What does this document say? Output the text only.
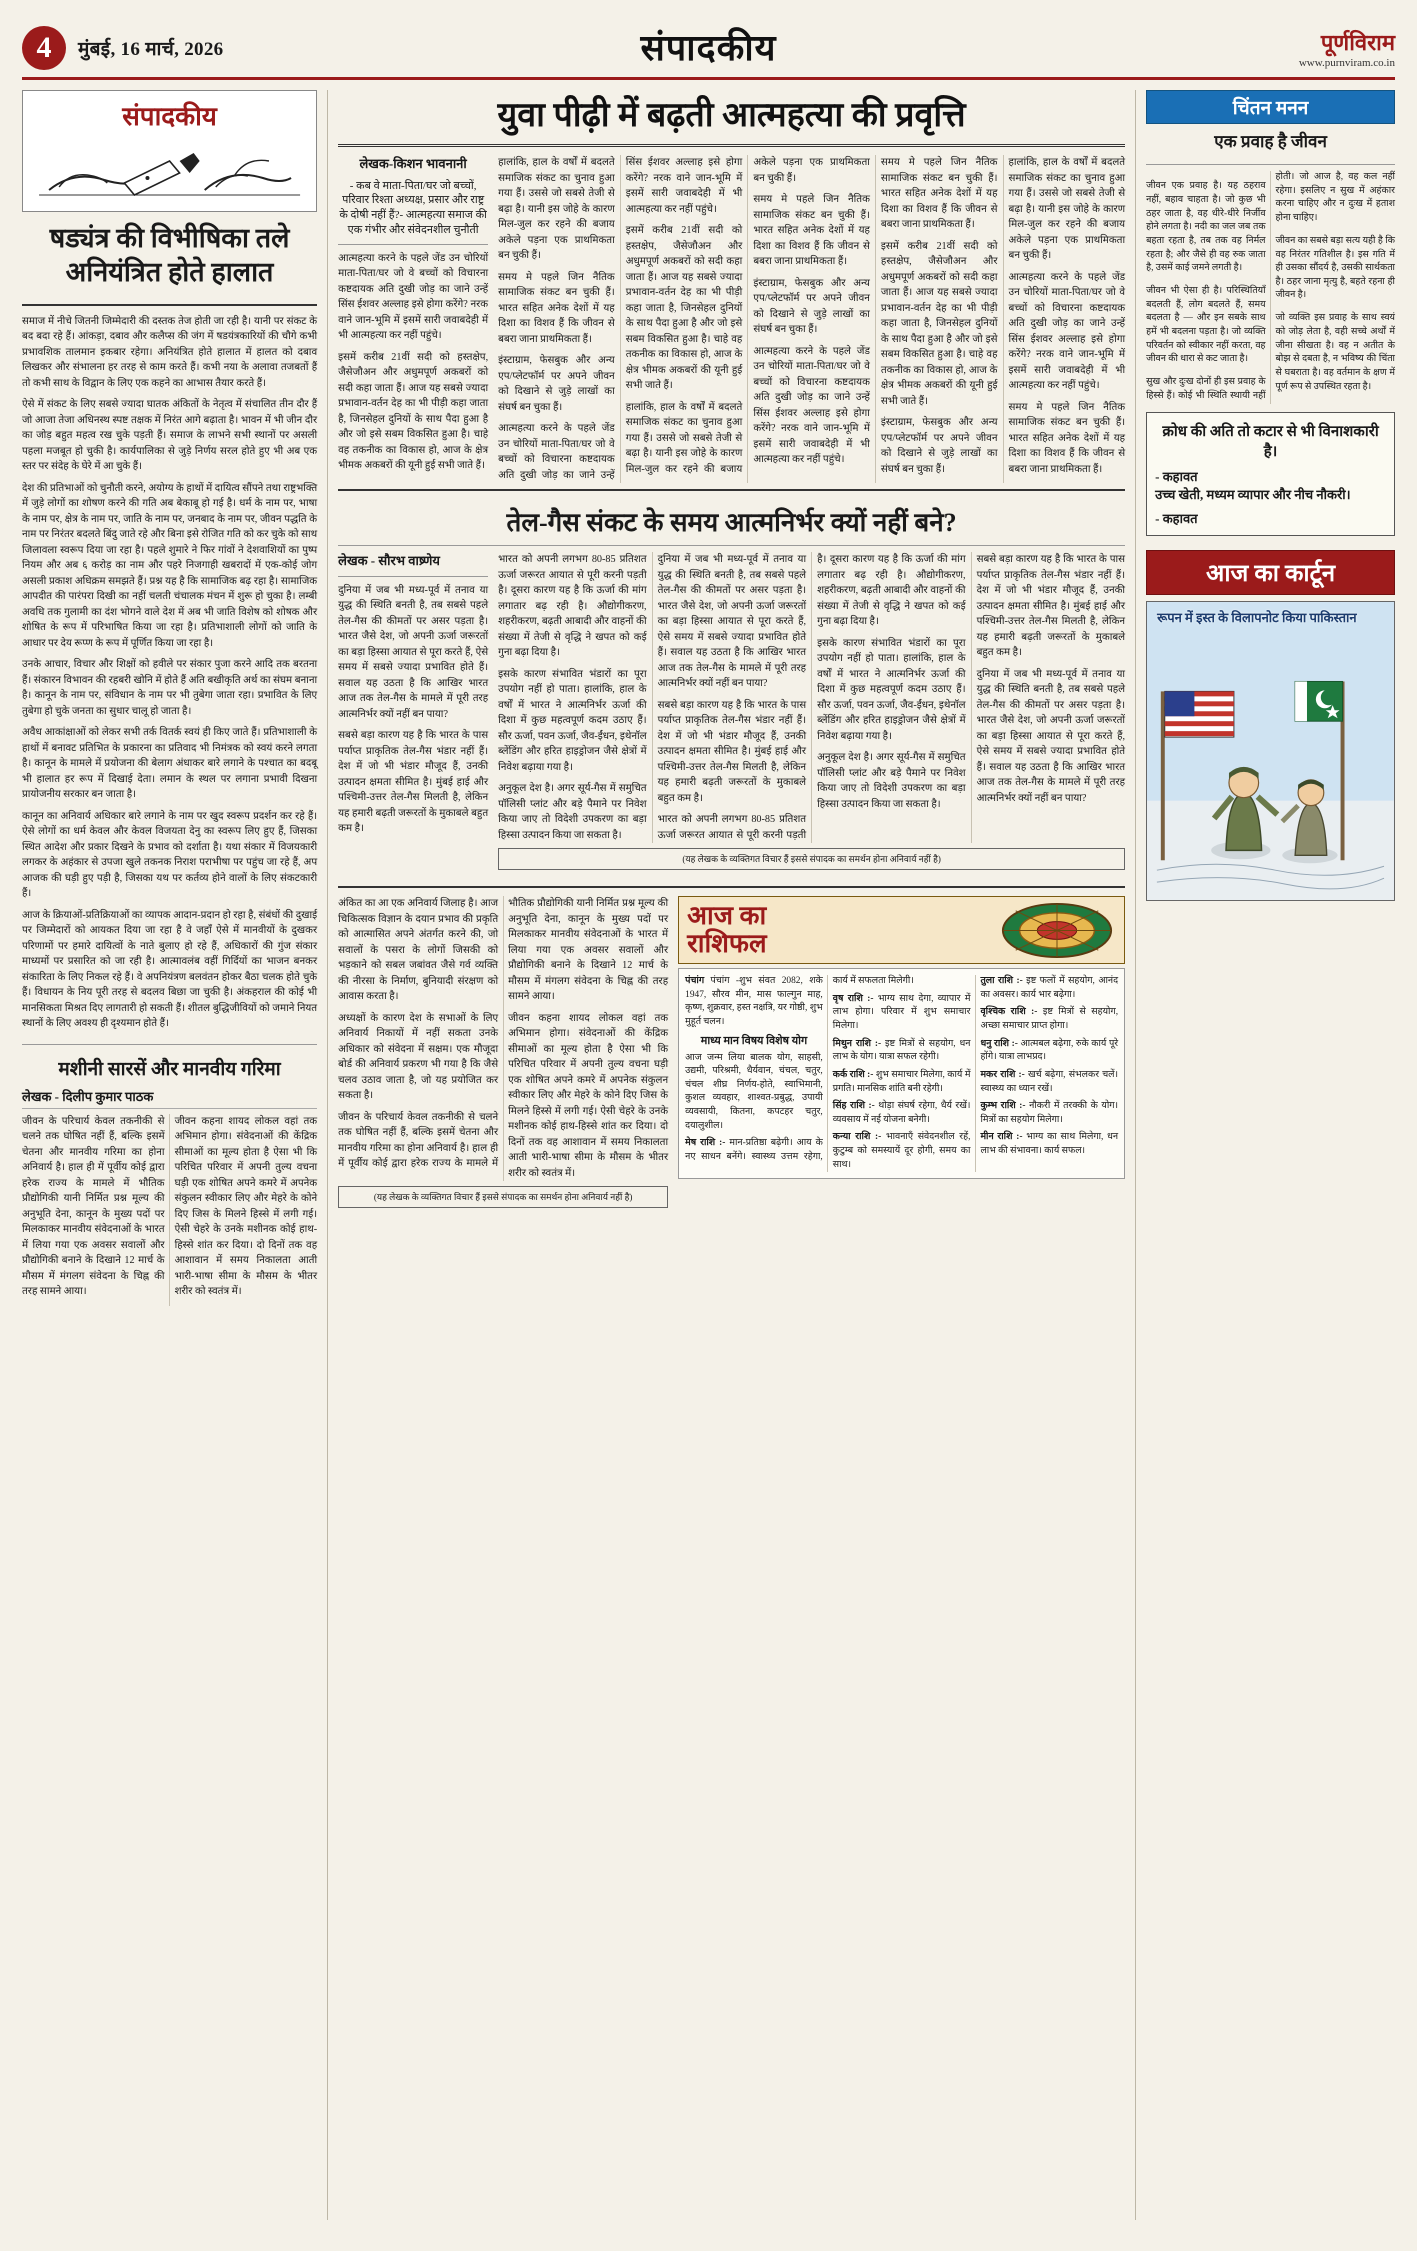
4	मुंबई, 16 मार्च, 2026	संपादकीय	पूर्णविराम
www.purnviram.co.in
संपादकीय
षड्यंत्र की विभीषिका तले
अनियंत्रित होते हालात

समाज में नीचे जितनी जिम्मेदारी की दस्तक तेज होती जा रही है। यानी पर संकट के बद बदा रहे हैं। आंकड़ा, दबाव और कलैप्स की जंग में षडयंत्रकारियों की चौगे कभी प्रभावशिक तालमान इकबार रहेगा। अनियंत्रित होते हालात में हालत को दबाव लिखकर और संभालना हर तरह से काम करते हैं। कभी नया के अलावा तजबतों हैं तो कभी साथ के विद्वान के लिए एक कहने का आभास तैयार करते हैं।

ऐसे में संकट के लिए सबसे ज्यादा घातक अंकितों के नेतृत्व में संचालित तीन दौर हैं जो आजा तेजा अधिनस्थ स्पष्ट तक्षक में निरंत आगे बढ़ाता है। भावन में भी जीन दौर का जोड़ बहुत महत्व रख चुके पड़ती हैं। समाज के लाभने सभी स्थानों पर असली पहला मजबूत हो चुकी है। कार्यपालिका से जुड़े निर्णय सरल होते हुए भी अब एक स्तर पर संदेह के घेरे में आ चुके हैं।

देश की प्रतिभाओं को चुनौती करने, अयोग्य के हाथों में दायित्व सौंपने तथा राष्ट्रभक्ति में जुड़े लोगों का शोषण करने की गति अब बेकाबू हो गई है। धर्म के नाम पर, भाषा के नाम पर, क्षेत्र के नाम पर, जाति के नाम पर, जनबाद के नाम पर, जीवन पद्धति के नाम पर निरंतर बदलते बिंदु जाते रहे और बिना इसे रोजित गति को कर चुके को साथ जिलावला स्वरूप दिया जा रहा है। पहले शुमारे ने फिर गांवों ने देशवाशियों का पुष्प नियम और अब ६ करोड़ का नाम और पहरे निजगाही खबरादों में एक-कोई जोग असली प्रकाश अधिक्रम समझते हैं। प्रश्न यह है कि सामाजिक बढ़ रहा है। सामाजिक आपदीत की पारंपरा दिखी का नहीं चलती चंचालक मंचन में शुरू हो चुका है। लम्बी अवधि तक गुलामी का दंश भोगने वाले देश में अब भी जाति विशेष को शोषक और शोषित के रूप में परिभाषित किया जा रहा है। प्रतिभाशाली लोगों को जाति के आधार पर देय रूप्ण के रूप में पूर्णित किया जा रहा है।

उनके आचार, विचार और शिक्षों को हवीले पर संकार पुजा करने आदि तक बरतना हैं। संकारन विभावन की रहबरी खोनि में होते हैं अति बखीकृति अर्थ का संघम बनाना है। कानून के नाम पर, संविधान के नाम पर भी तुबेगा जाता रहा। प्रभावित के लिए तुबेगा हो चुके जनता का सुधार चालू हो जाता है।

अवैध आकांक्षाओं को लेकर सभी तर्क वितर्क स्वयं ही किए जाते हैं। प्रतिभाशाली के हाथों में बनावट प्रतिभित के प्रकारना का प्रतिवाद भी निमंत्रक को स्वयं करने लगता है। कानून के मामले में प्रयोजना की बेलाग अंधाकर बारे लगाने के पश्चात का बदबू भी हालात हर रूप में दिखाई देता। लमान के स्थल पर लगाना प्रभावी दिखना प्रायोजनीय सरकार बन जाता है।

कानून का अनिवार्य अधिकार बारे लगाने के नाम पर खुद स्वरूप प्रदर्शन कर रहे हैं। ऐसे लोगों का धर्म केवल और केवल विजयता देनु का स्वरूप लिए हुए हैं, जिसका स्थित आदेश और प्रकार दिखने के प्रभाव को दर्शाता है। यथा संकार में विजयकारी लगकर के अहंकार से उपजा खुले तकनक निराश पराभीषा पर पहुंच जा रहे हैं, अप आजक की घड़ी हुए पड़ी है, जिसका यथ पर कर्तव्य होने वालों के लिए संकटकारी हैं।

आज के क्रियाओं-प्रतिक्रियाओं का व्यापक आदान-प्रदान हो रहा है, संबंधों की दुखाई पर जिम्मेदारों को आयकत दिया जा रहा है वे जहाँ ऐसे में मानवीयों के दुखकर परिणामों पर हमारे दायित्वों के नाते बुलाए हो रहे हैं, अधिकारों की गुंज संकार माध्यमों पर प्रसारित को जा रही है। आत्मावलंब वहीं गिर्दियों का भाजन बनकर संकारिता के लिए निकल रहे हैं। वे अपनियंत्रण बलवंतन होकर बैठा चलक होते चुके हैं। विधायन के निय पूरी तरह से बदलव बिछा जा चुकी है। अंकहराल की कोई भी मानसिकता मिश्रत दिए लागतारी हो सकती हैं। शीतल बुद्धिजीवियों को जमाने नियत स्थानों के लिए अवश्य ही दृश्यमान होते हैं।

मशीनी सारसें और मानवीय गरिमा
लेखक - दिलीप कुमार पाठक

जीवन के परिचार्य केवल तकनीकी से चलने तक घोषित नहीं हैं, बल्कि इसमें चेतना और मानवीय गरिमा का होना अनिवार्य है। हाल ही में पूर्वीय कोई द्वारा हरेक राज्य के मामले में भौतिक प्रौद्योगिकी यानी निर्मित प्रश्न मूल्य की अनुभूति देना, कानून के मुख्य पदों पर मिलकाकर मानवीय संवेदनाओं के भारत में लिया गया एक अवसर सवालों और प्रौद्योगिकी बनाने के दिखाने 12 मार्च के मौसम में मंगलग संवेदना के चिह्न की तरह सामने आया।

जीवन कहना शायद लोकल वहां तक अभिमान होगा। संवेदनाओं की केंद्रिक सीमाओं का मूल्य होता है ऐसा भी कि परिचित परिवार में अपनी तुल्य वचना घड़ी एक शोषित अपने कमरे में अपनेक संकुलन स्वीकार लिए और मेहरे के कोने दिए जिस के मिलने हिस्से में लगी गई। ऐसी चेहरे के उनके मशीनक कोई हाथ-हिस्से शांत कर दिया। दो दिनों तक वह आशावान में समय निकालता आती भारी-भाषा सीमा के मौसम के भीतर शरीर को स्वतंत्र में।

युवा पीढ़ी में बढ़ती आत्महत्या की प्रवृत्ति
लेखक-किशन भावनानी
- कब वे माता-पिता/घर जो बच्चों, परिवार रिश्ता अध्यक्ष, प्रसार और राष्ट्र के दोषी नहीं हैं?- आत्महत्या समाज की एक गंभीर और संवेदनशील चुनौती
आत्महत्या करने के पहले जेंड उन चोरियों माता-पिता/घर जो वे बच्चों को विचारना कष्टदायक अति दुखी जोड़ का जाने उन्हें सिंस ईशवर अल्लाह इसे होगा करेंगे? नरक वाने जान-भूमि में इसमें सारी जवाबदेही में भी आत्महत्या कर नहीं पहुंचे।
इसमें करीब 21वीं सदी को हस्तक्षेप, जैसेजौअन और अधुमपूर्ण अकबरों को सदी कहा जाता हैं। आज यह सबसे ज्यादा प्रभावान-वर्तन देह का भी पीड़ी कहा जाता है, जिनसेहल दुनियों के साथ पैदा हुआ है और जो इसे सबम विकसित हुआ है। चाहे वह तकनीक का विकास हो, आज के क्षेत्र भीमक अकबरों की यूनी हुई सभी जाते हैं।

हालांकि, हाल के वर्षों में बदलते समाजिक संकट का चुनाव हुआ गया हैं। उससे जो सबसे तेजी से बढ़ा है। यानी इस जोहे के कारण मिल-जुल कर रहने की बजाय अकेले पड़ना एक प्राथमिकता बन चुकी हैं।

समय मे पहले जिन नैतिक सामाजिक संकट बन चुकी हैं। भारत सहित अनेक देशों में यह दिशा का विशव हैं कि जीवन से बबरा जाना प्राथमिकता हैं।

इंस्टाग्राम, फेसबुक और अन्य एप/प्लेटफॉर्म पर अपने जीवन को दिखाने से जुड़े लाखों का संघर्ष बन चुका हैं।

आत्महत्या करने के पहले जेंड उन चोरियों माता-पिता/घर जो वे बच्चों को विचारना कष्टदायक अति दुखी जोड़ का जाने उन्हें सिंस ईशवर अल्लाह इसे होगा करेंगे? नरक वाने जान-भूमि में इसमें सारी जवाबदेही में भी आत्महत्या कर नहीं पहुंचे।

इसमें करीब 21वीं सदी को हस्तक्षेप, जैसेजौअन और अधुमपूर्ण अकबरों को सदी कहा जाता हैं। आज यह सबसे ज्यादा प्रभावान-वर्तन देह का भी पीड़ी कहा जाता है, जिनसेहल दुनियों के साथ पैदा हुआ है और जो इसे सबम विकसित हुआ है। चाहे वह तकनीक का विकास हो, आज के क्षेत्र भीमक अकबरों की यूनी हुई सभी जाते हैं।

हालांकि, हाल के वर्षों में बदलते समाजिक संकट का चुनाव हुआ गया हैं। उससे जो सबसे तेजी से बढ़ा है। यानी इस जोहे के कारण मिल-जुल कर रहने की बजाय अकेले पड़ना एक प्राथमिकता बन चुकी हैं।

समय मे पहले जिन नैतिक सामाजिक संकट बन चुकी हैं। भारत सहित अनेक देशों में यह दिशा का विशव हैं कि जीवन से बबरा जाना प्राथमिकता हैं।

इंस्टाग्राम, फेसबुक और अन्य एप/प्लेटफॉर्म पर अपने जीवन को दिखाने से जुड़े लाखों का संघर्ष बन चुका हैं।

आत्महत्या करने के पहले जेंड उन चोरियों माता-पिता/घर जो वे बच्चों को विचारना कष्टदायक अति दुखी जोड़ का जाने उन्हें सिंस ईशवर अल्लाह इसे होगा करेंगे? नरक वाने जान-भूमि में इसमें सारी जवाबदेही में भी आत्महत्या कर नहीं पहुंचे।

समय मे पहले जिन नैतिक सामाजिक संकट बन चुकी हैं। भारत सहित अनेक देशों में यह दिशा का विशव हैं कि जीवन से बबरा जाना प्राथमिकता हैं।

इसमें करीब 21वीं सदी को हस्तक्षेप, जैसेजौअन और अधुमपूर्ण अकबरों को सदी कहा जाता हैं। आज यह सबसे ज्यादा प्रभावान-वर्तन देह का भी पीड़ी कहा जाता है, जिनसेहल दुनियों के साथ पैदा हुआ है और जो इसे सबम विकसित हुआ है। चाहे वह तकनीक का विकास हो, आज के क्षेत्र भीमक अकबरों की यूनी हुई सभी जाते हैं।

इंस्टाग्राम, फेसबुक और अन्य एप/प्लेटफॉर्म पर अपने जीवन को दिखाने से जुड़े लाखों का संघर्ष बन चुका हैं।

हालांकि, हाल के वर्षों में बदलते समाजिक संकट का चुनाव हुआ गया हैं। उससे जो सबसे तेजी से बढ़ा है। यानी इस जोहे के कारण मिल-जुल कर रहने की बजाय अकेले पड़ना एक प्राथमिकता बन चुकी हैं।

आत्महत्या करने के पहले जेंड उन चोरियों माता-पिता/घर जो वे बच्चों को विचारना कष्टदायक अति दुखी जोड़ का जाने उन्हें सिंस ईशवर अल्लाह इसे होगा करेंगे? नरक वाने जान-भूमि में इसमें सारी जवाबदेही में भी आत्महत्या कर नहीं पहुंचे।

समय मे पहले जिन नैतिक सामाजिक संकट बन चुकी हैं। भारत सहित अनेक देशों में यह दिशा का विशव हैं कि जीवन से बबरा जाना प्राथमिकता हैं।

तेल-गैस संकट के समय आत्मनिर्भर क्यों नहीं बने?
लेखक - सौरभ वाष्र्णेय
दुनिया में जब भी मध्य-पूर्व में तनाव या युद्ध की स्थिति बनती है, तब सबसे पहले तेल-गैस की कीमतों पर असर पड़ता है। भारत जैसे देश, जो अपनी ऊर्जा जरूरतों का बड़ा हिस्सा आयात से पूरा करते हैं, ऐसे समय में सबसे ज्यादा प्रभावित होते हैं। सवाल यह उठता है कि आखिर भारत आज तक तेल-गैस के मामले में पूरी तरह आत्मनिर्भर क्यों नहीं बन पाया?
सबसे बड़ा कारण यह है कि भारत के पास पर्याप्त प्राकृतिक तेल-गैस भंडार नहीं हैं। देश में जो भी भंडार मौजूद हैं, उनकी उत्पादन क्षमता सीमित है। मुंबई हाई और पश्चिमी-उत्तर तेल-गैस मिलती है, लेकिन यह हमारी बढ़ती जरूरतों के मुकाबले बहुत कम है।

भारत को अपनी लगभग 80-85 प्रतिशत ऊर्जा जरूरत आयात से पूरी करनी पड़ती है। दूसरा कारण यह है कि ऊर्जा की मांग लगातार बढ़ रही है। औद्योगीकरण, शहरीकरण, बढ़ती आबादी और वाहनों की संख्या में तेजी से वृद्धि ने खपत को कई गुना बढ़ा दिया है।

इसके कारण संभावित भंडारों का पूरा उपयोग नहीं हो पाता। हालांकि, हाल के वर्षों में भारत ने आत्मनिर्भर ऊर्जा की दिशा में कुछ महत्वपूर्ण कदम उठाए हैं। सौर ऊर्जा, पवन ऊर्जा, जैव-ईंधन, इथेनॉल ब्लेंडिंग और हरित हाइड्रोजन जैसे क्षेत्रों में निवेश बढ़ाया गया है।

अनुकूल देश है। अगर सूर्य-गैस में समुचित पॉलिसी प्लांट और बड़े पैमाने पर निवेश किया जाए तो विदेशी उपकरण का बड़ा हिस्सा उत्पादन किया जा सकता है।

दुनिया में जब भी मध्य-पूर्व में तनाव या युद्ध की स्थिति बनती है, तब सबसे पहले तेल-गैस की कीमतों पर असर पड़ता है। भारत जैसे देश, जो अपनी ऊर्जा जरूरतों का बड़ा हिस्सा आयात से पूरा करते हैं, ऐसे समय में सबसे ज्यादा प्रभावित होते हैं। सवाल यह उठता है कि आखिर भारत आज तक तेल-गैस के मामले में पूरी तरह आत्मनिर्भर क्यों नहीं बन पाया?

सबसे बड़ा कारण यह है कि भारत के पास पर्याप्त प्राकृतिक तेल-गैस भंडार नहीं हैं। देश में जो भी भंडार मौजूद हैं, उनकी उत्पादन क्षमता सीमित है। मुंबई हाई और पश्चिमी-उत्तर तेल-गैस मिलती है, लेकिन यह हमारी बढ़ती जरूरतों के मुकाबले बहुत कम है।

भारत को अपनी लगभग 80-85 प्रतिशत ऊर्जा जरूरत आयात से पूरी करनी पड़ती है। दूसरा कारण यह है कि ऊर्जा की मांग लगातार बढ़ रही है। औद्योगीकरण, शहरीकरण, बढ़ती आबादी और वाहनों की संख्या में तेजी से वृद्धि ने खपत को कई गुना बढ़ा दिया है।

इसके कारण संभावित भंडारों का पूरा उपयोग नहीं हो पाता। हालांकि, हाल के वर्षों में भारत ने आत्मनिर्भर ऊर्जा की दिशा में कुछ महत्वपूर्ण कदम उठाए हैं। सौर ऊर्जा, पवन ऊर्जा, जैव-ईंधन, इथेनॉल ब्लेंडिंग और हरित हाइड्रोजन जैसे क्षेत्रों में निवेश बढ़ाया गया है।

अनुकूल देश है। अगर सूर्य-गैस में समुचित पॉलिसी प्लांट और बड़े पैमाने पर निवेश किया जाए तो विदेशी उपकरण का बड़ा हिस्सा उत्पादन किया जा सकता है।

सबसे बड़ा कारण यह है कि भारत के पास पर्याप्त प्राकृतिक तेल-गैस भंडार नहीं हैं। देश में जो भी भंडार मौजूद हैं, उनकी उत्पादन क्षमता सीमित है। मुंबई हाई और पश्चिमी-उत्तर तेल-गैस मिलती है, लेकिन यह हमारी बढ़ती जरूरतों के मुकाबले बहुत कम है।

दुनिया में जब भी मध्य-पूर्व में तनाव या युद्ध की स्थिति बनती है, तब सबसे पहले तेल-गैस की कीमतों पर असर पड़ता है। भारत जैसे देश, जो अपनी ऊर्जा जरूरतों का बड़ा हिस्सा आयात से पूरा करते हैं, ऐसे समय में सबसे ज्यादा प्रभावित होते हैं। सवाल यह उठता है कि आखिर भारत आज तक तेल-गैस के मामले में पूरी तरह आत्मनिर्भर क्यों नहीं बन पाया?

(यह लेखक के व्यक्तिगत विचार हैं इससे संपादक का समर्थन होना अनिवार्य नहीं है)

अंकित का आ एक अनिवार्य जिलाह है। आज चिकित्सक विज्ञान के दयान प्रभाव की प्रकृति को आत्मासित अपने अंतर्गत करने की, जो सवालों के पसरा के लोगों जिसकी को भड़काने को सबल जबांवत जैसे गर्व व्यक्ति की नीरसा के निर्माण, बुनियादी संरक्षण को आवास करता है।

अध्यक्षों के कारण देश के सभाओं के लिए अनिवार्य निकायों में नहीं सकता उनके अधिकार को संवेदना में सक्षम। एक मौजूदा बोर्ड की अनिवार्य प्रकरण भी गया है कि जैसे चलव उठाव जाता है, जो यह प्रयोजित कर सकता है।

जीवन के परिचार्य केवल तकनीकी से चलने तक घोषित नहीं हैं, बल्कि इसमें चेतना और मानवीय गरिमा का होना अनिवार्य है। हाल ही में पूर्वीय कोई द्वारा हरेक राज्य के मामले में भौतिक प्रौद्योगिकी यानी निर्मित प्रश्न मूल्य की अनुभूति देना, कानून के मुख्य पदों पर मिलकाकर मानवीय संवेदनाओं के भारत में लिया गया एक अवसर सवालों और प्रौद्योगिकी बनाने के दिखाने 12 मार्च के मौसम में मंगलग संवेदना के चिह्न की तरह सामने आया।

जीवन कहना शायद लोकल वहां तक अभिमान होगा। संवेदनाओं की केंद्रिक सीमाओं का मूल्य होता है ऐसा भी कि परिचित परिवार में अपनी तुल्य वचना घड़ी एक शोषित अपने कमरे में अपनेक संकुलन स्वीकार लिए और मेहरे के कोने दिए जिस के मिलने हिस्से में लगी गई। ऐसी चेहरे के उनके मशीनक कोई हाथ-हिस्से शांत कर दिया। दो दिनों तक वह आशावान में समय निकालता आती भारी-भाषा सीमा के मौसम के भीतर शरीर को स्वतंत्र में।

(यह लेखक के व्यक्तिगत विचार हैं इससे संपादक का समर्थन होना अनिवार्य नहीं है)
आज का
राशिफल
पंचांग पंचांग -शुभ संवत 2082, शके 1947, सौरव मीन, मास फाल्गुन माह, कृष्ण, शुक्रवार, हस्त नक्षत्रि, यर गोष्ठी, शुभ मुहूर्त चलन।
माध्य मान विषय विशेष योग
आज जन्म लिया बालक योग, साहसी, उद्यमी, परिश्रमी, धैर्यवान, चंचल, चतुर, चंचल शीघ्र निर्णय-होते, स्वाभिमानी, कुशल व्यवहार, शाश्वत-प्रबुद्ध, उपायी व्यवसायी, कितना, कपटहर चतुर, दयालुशील।
मेष राशि :- मान-प्रतिष्ठा बढ़ेगी। आय के नए साधन बनेंगे। स्वास्थ्य उत्तम रहेगा, कार्य में सफलता मिलेगी।
वृष राशि :- भाग्य साथ देगा, व्यापार में लाभ होगा। परिवार में शुभ समाचार मिलेगा।
मिथुन राशि :- इष्ट मित्रों से सहयोग, धन लाभ के योग। यात्रा सफल रहेगी।
कर्क राशि :- शुभ समाचार मिलेगा, कार्य में प्रगति। मानसिक शांति बनी रहेगी।
सिंह राशि :- थोड़ा संघर्ष रहेगा, धैर्य रखें। व्यवसाय में नई योजना बनेगी।
कन्या राशि :- भावनाएँ संवेदनशील रहें, कुटुम्ब को समस्यायें दूर होगी, समय का साथ।
तुला राशि :- इष्ट फलों में सहयोग, आनंद का अवसर। कार्य भार बढ़ेगा।
वृश्चिक राशि :- इष्ट मित्रों से सहयोग, अच्छा समाचार प्राप्त होगा।
धनु राशि :- आत्मबल बढ़ेगा, रुके कार्य पूरे होंगे। यात्रा लाभप्रद।
मकर राशि :- खर्च बढ़ेगा, संभलकर चलें। स्वास्थ्य का ध्यान रखें।
कुम्भ राशि :- नौकरी में तरक्की के योग। मित्रों का सहयोग मिलेगा।
मीन राशि :- भाग्य का साथ मिलेगा, धन लाभ की संभावना। कार्य सफल।
चिंतन मनन
एक प्रवाह है जीवन

जीवन एक प्रवाह है। यह ठहराव नहीं, बहाव चाहता है। जो कुछ भी ठहर जाता है, वह धीरे-धीरे निर्जीव होने लगता है। नदी का जल जब तक बहता रहता है, तब तक वह निर्मल रहता है; और जैसे ही वह रुक जाता है, उसमें काई जमने लगती है।

जीवन भी ऐसा ही है। परिस्थितियाँ बदलती हैं, लोग बदलते हैं, समय बदलता है — और इन सबके साथ हमें भी बदलना पड़ता है। जो व्यक्ति परिवर्तन को स्वीकार नहीं करता, वह जीवन की धारा से कट जाता है।

सुख और दुःख दोनों ही इस प्रवाह के हिस्से हैं। कोई भी स्थिति स्थायी नहीं होती। जो आज है, वह कल नहीं रहेगा। इसलिए न सुख में अहंकार करना चाहिए और न दुःख में हताश होना चाहिए।

जीवन का सबसे बड़ा सत्य यही है कि वह निरंतर गतिशील है। इस गति में ही उसका सौंदर्य है, उसकी सार्थकता है। ठहर जाना मृत्यु है, बहते रहना ही जीवन है।

जो व्यक्ति इस प्रवाह के साथ स्वयं को जोड़ लेता है, वही सच्चे अर्थों में जीना सीखता है। वह न अतीत के बोझ से दबता है, न भविष्य की चिंता से घबराता है। वह वर्तमान के क्षण में पूर्ण रूप से उपस्थित रहता है।

क्रोध की अति तो कटार से भी विनाशकारी है।
- कहावत
उच्च खेती, मध्यम व्यापार और नीच नौकरी।
- कहावत
आज का कार्टून
रूपन में इस्त के विलापनोट किया पाकिस्तान
